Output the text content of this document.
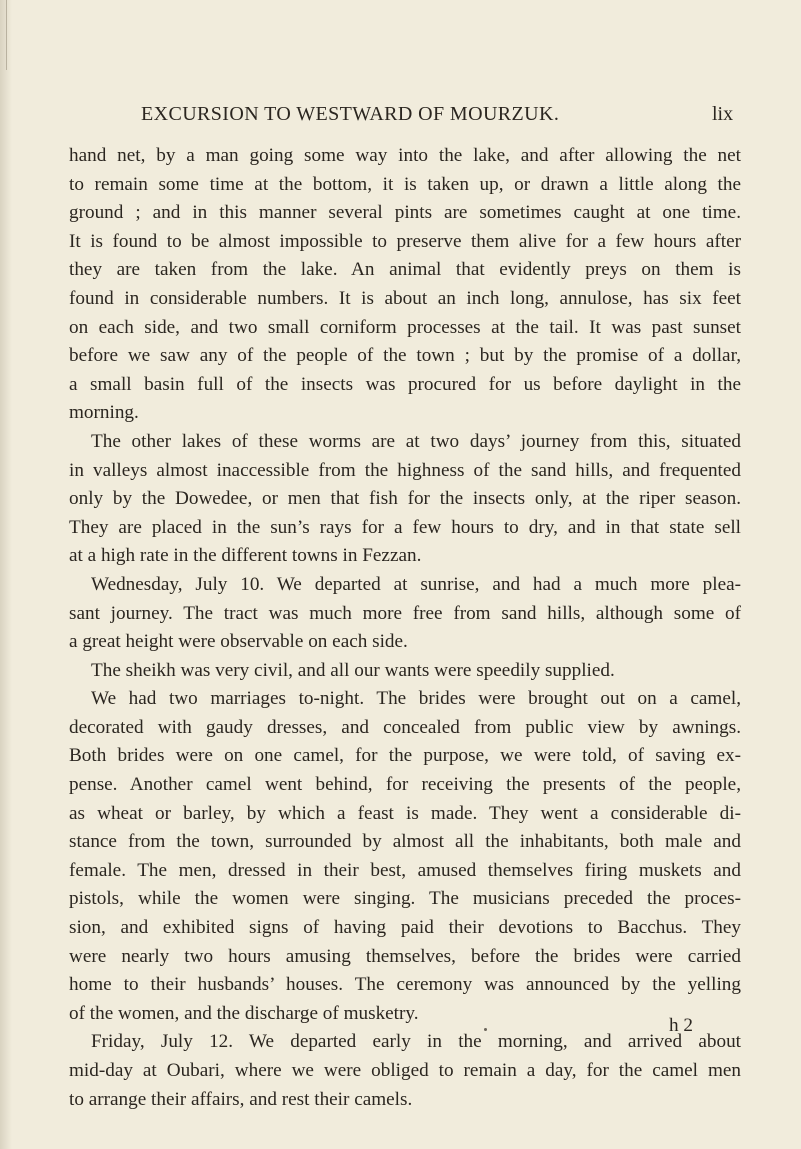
EXCURSION TO WESTWARD OF MOURZUK.	lix
hand net, by a man going some way into the lake, and after allowing the net
to remain some time at the bottom, it is taken up, or drawn a little along the
ground ; and in this manner several pints are sometimes caught at one time.
It is found to be almost impossible to preserve them alive for a few hours after
they are taken from the lake. An animal that evidently preys on them is
found in considerable numbers. It is about an inch long, annulose, has six feet
on each side, and two small corniform processes at the tail. It was past sunset
before we saw any of the people of the town ; but by the promise of a dollar,
a small basin full of the insects was procured for us before daylight in the
morning.
The other lakes of these worms are at two days’ journey from this, situated
in valleys almost inaccessible from the highness of the sand hills, and frequented
only by the Dowedee, or men that fish for the insects only, at the riper season.
They are placed in the sun’s rays for a few hours to dry, and in that state sell
at a high rate in the different towns in Fezzan.
Wednesday, July 10. We departed at sunrise, and had a much more plea-
sant journey. The tract was much more free from sand hills, although some of
a great height were observable on each side.
The sheikh was very civil, and all our wants were speedily supplied.
We had two marriages to-night. The brides were brought out on a camel,
decorated with gaudy dresses, and concealed from public view by awnings.
Both brides were on one camel, for the purpose, we were told, of saving ex-
pense. Another camel went behind, for receiving the presents of the people,
as wheat or barley, by which a feast is made. They went a considerable di-
stance from the town, surrounded by almost all the inhabitants, both male and
female. The men, dressed in their best, amused themselves firing muskets and
pistols, while the women were singing. The musicians preceded the proces-
sion, and exhibited signs of having paid their devotions to Bacchus. They
were nearly two hours amusing themselves, before the brides were carried
home to their husbands’ houses. The ceremony was announced by the yelling
of the women, and the discharge of musketry.
Friday, July 12. We departed early in the morning, and arrived about
mid-day at Oubari, where we were obliged to remain a day, for the camel men
to arrange their affairs, and rest their camels.
h 2
